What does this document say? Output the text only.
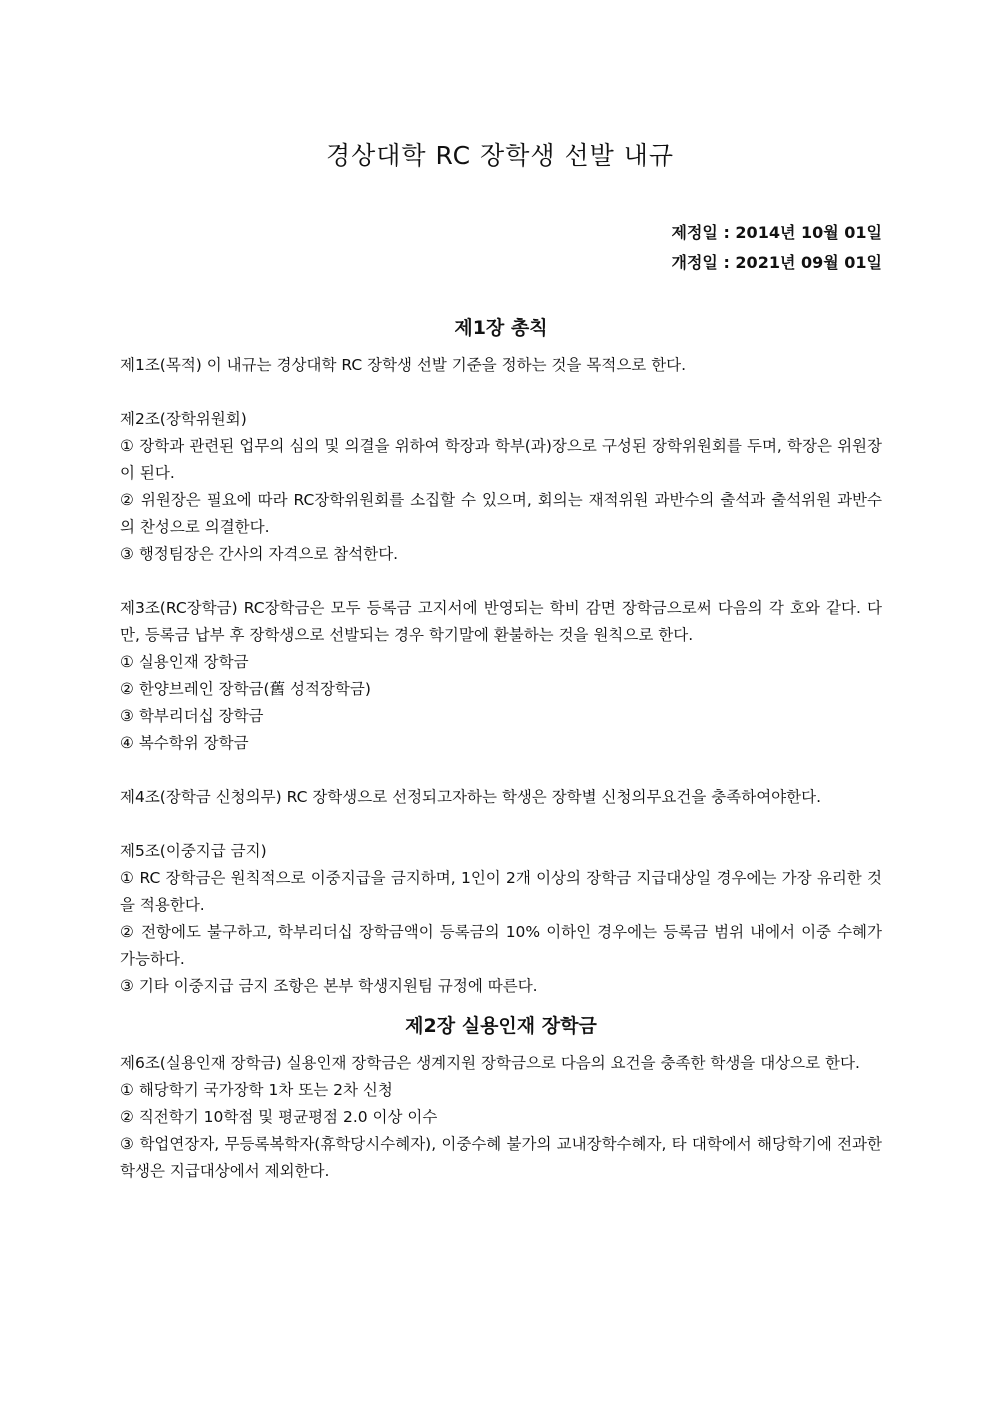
경상대학 RC 장학생 선발 내규
제정일 : 2014년 10월 01일
개정일 : 2021년 09월 01일
제1장 총칙

제1조(목적) 이 내규는 경상대학 RC 장학생 선발 기준을 정하는 것을 목적으로 한다.

제2조(장학위원회)

① 장학과 관련된 업무의 심의 및 의결을 위하여 학장과 학부(과)장으로 구성된 장학위원회를 두며, 학장은 위원장이 된다.

② 위원장은 필요에 따라 RC장학위원회를 소집할 수 있으며, 회의는 재적위원 과반수의 출석과 출석위원 과반수의 찬성으로 의결한다.

③ 행정팀장은 간사의 자격으로 참석한다.

제3조(RC장학금) RC장학금은 모두 등록금 고지서에 반영되는 학비 감면 장학금으로써 다음의 각 호와 같다. 다만, 등록금 납부 후 장학생으로 선발되는 경우 학기말에 환불하는 것을 원칙으로 한다.

① 실용인재 장학금

② 한양브레인 장학금(舊 성적장학금)

③ 학부리더십 장학금

④ 복수학위 장학금

제4조(장학금 신청의무) RC 장학생으로 선정되고자하는 학생은 장학별 신청의무요건을 충족하여야한다.

제5조(이중지급 금지)

① RC 장학금은 원칙적으로 이중지급을 금지하며, 1인이 2개 이상의 장학금 지급대상일 경우에는 가장 유리한 것을 적용한다.

② 전항에도 불구하고, 학부리더십 장학금액이 등록금의 10% 이하인 경우에는 등록금 범위 내에서 이중 수혜가 가능하다.

③ 기타 이중지급 금지 조항은 본부 학생지원팀 규정에 따른다.

제2장 실용인재 장학금

제6조(실용인재 장학금) 실용인재 장학금은 생계지원 장학금으로 다음의 요건을 충족한 학생을 대상으로 한다.

① 해당학기 국가장학 1차 또는 2차 신청

② 직전학기 10학점 및 평균평점 2.0 이상 이수

③ 학업연장자, 무등록복학자(휴학당시수혜자), 이중수혜 불가의 교내장학수혜자, 타 대학에서 해당학기에 전과한 학생은 지급대상에서 제외한다.
